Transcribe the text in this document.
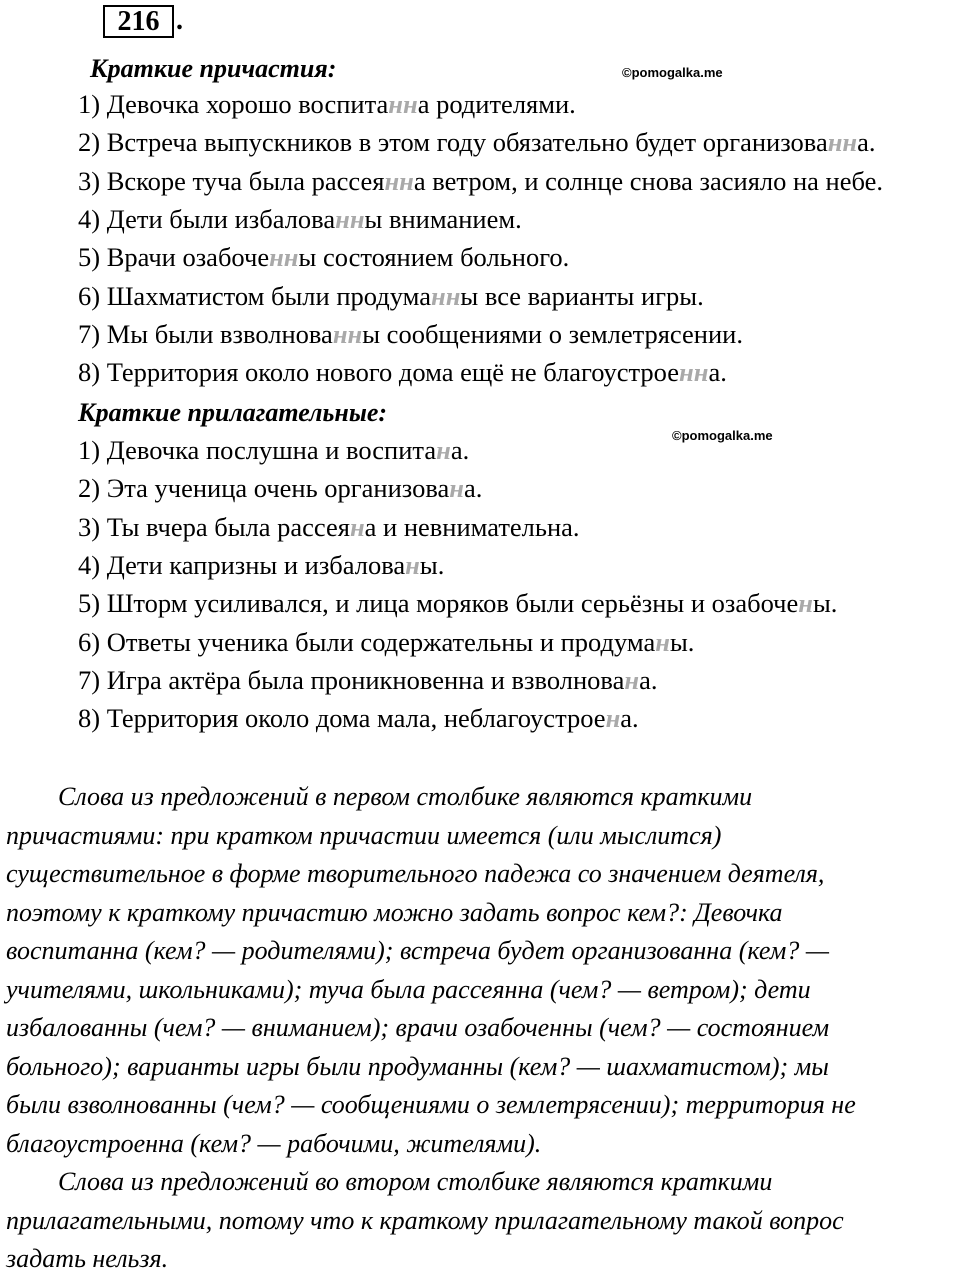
216 .
Краткие причастия:	©pomogalka.me
1) Девочка хорошо воспитанна родителями.
2) Встреча выпускников в этом году обязательно будет организованна.
3) Вскоре туча была рассеянна ветром, и солнце снова засияло на небе.
4) Дети были избалованны вниманием.
5) Врачи озабоченны состоянием больного.
6) Шахматистом были продуманны все варианты игры.
7) Мы были взволнованны сообщениями о землетрясении.
8) Территория около нового дома ещё не благоустроенна.
Краткие прилагательные:
©pomogalka.me
1) Девочка послушна и воспитана.
2) Эта ученица очень организована.
3) Ты вчера была рассеяна и невнимательна.
4) Дети капризны и избалованы.
5) Шторм усиливался, и лица моряков были серьёзны и озабочены.
6) Ответы ученика были содержательны и продуманы.
7) Игра актёра была проникновенна и взволнована.
8) Территория около дома мала, неблагоустроена.
Слова из предложений в первом столбике являются краткими
причастиями: при кратком причастии имеется (или мыслится)
существительное в форме творительного падежа со значением деятеля,
поэтому к краткому причастию можно задать вопрос кем?: Девочка
воспитанна (кем? — родителями); встреча будет организованна (кем? —
учителями, школьниками); туча была рассеянна (чем? — ветром); дети
избалованны (чем? — вниманием); врачи озабоченны (чем? — состоянием
больного); варианты игры были продуманны (кем? — шахматистом); мы
были взволнованны (чем? — сообщениями о землетрясении); территория не
благоустроенна (кем? — рабочими, жителями).
Слова из предложений во втором столбике являются краткими
прилагательными, потому что к краткому прилагательному такой вопрос
задать нельзя.
